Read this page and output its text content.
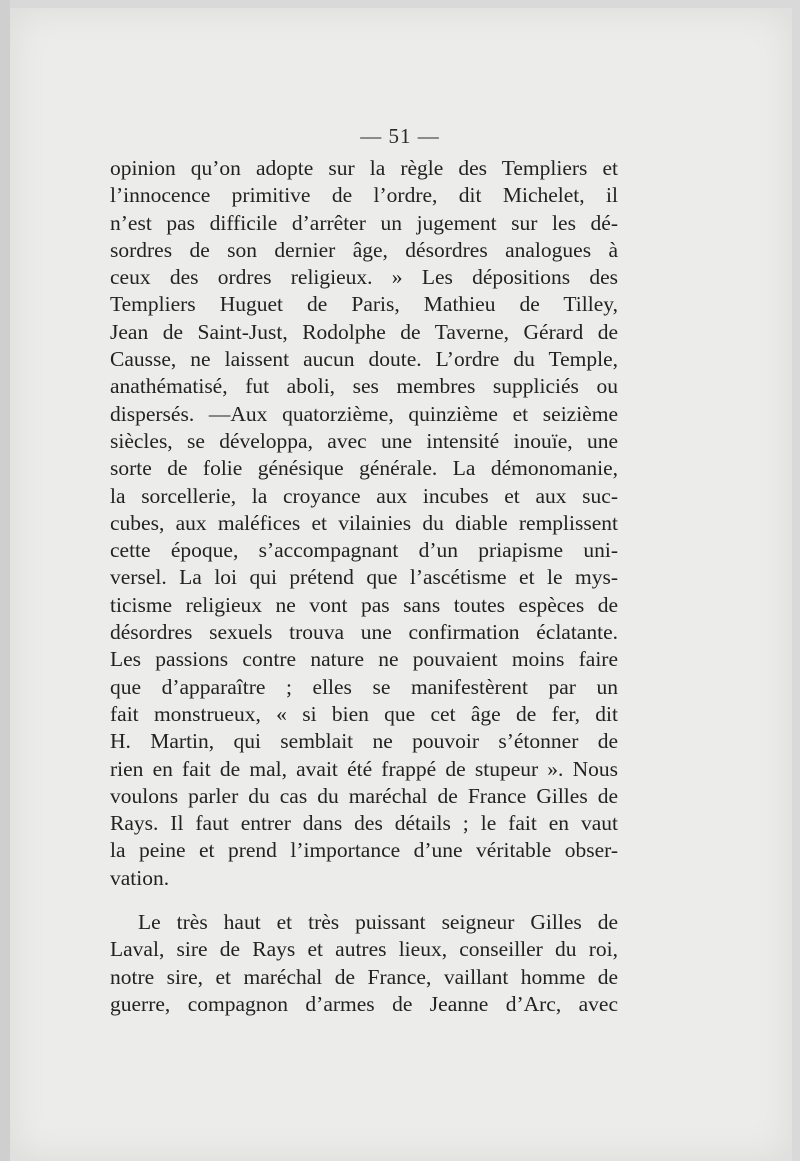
— 51 —
opinion qu’on adopte sur la règle des Templiers et
l’innocence primitive de l’ordre, dit Michelet, il
n’est pas difficile d’arrêter un jugement sur les dé-
sordres de son dernier âge, désordres analogues à
ceux des ordres religieux. » Les dépositions des
Templiers Huguet de Paris, Mathieu de Tilley,
Jean de Saint-Just, Rodolphe de Taverne, Gérard de
Causse, ne laissent aucun doute. L’ordre du Temple,
anathématisé, fut aboli, ses membres suppliciés ou
dispersés. —Aux quatorzième, quinzième et seizième
siècles, se développa, avec une intensité inouïe, une
sorte de folie génésique générale. La démonomanie,
la sorcellerie, la croyance aux incubes et aux suc-
cubes, aux maléfices et vilainies du diable remplissent
cette époque, s’accompagnant d’un priapisme uni-
versel. La loi qui prétend que l’ascétisme et le mys-
ticisme religieux ne vont pas sans toutes espèces de
désordres sexuels trouva une confirmation éclatante.
Les passions contre nature ne pouvaient moins faire
que d’apparaître ; elles se manifestèrent par un
fait monstrueux, « si bien que cet âge de fer, dit
H. Martin, qui semblait ne pouvoir s’étonner de
rien en fait de mal, avait été frappé de stupeur ». Nous
voulons parler du cas du maréchal de France Gilles de
Rays. Il faut entrer dans des détails ; le fait en vaut
la peine et prend l’importance d’une véritable obser-
vation.
Le très haut et très puissant seigneur Gilles de
Laval, sire de Rays et autres lieux, conseiller du roi,
notre sire, et maréchal de France, vaillant homme de
guerre, compagnon d’armes de Jeanne d’Arc, avec
